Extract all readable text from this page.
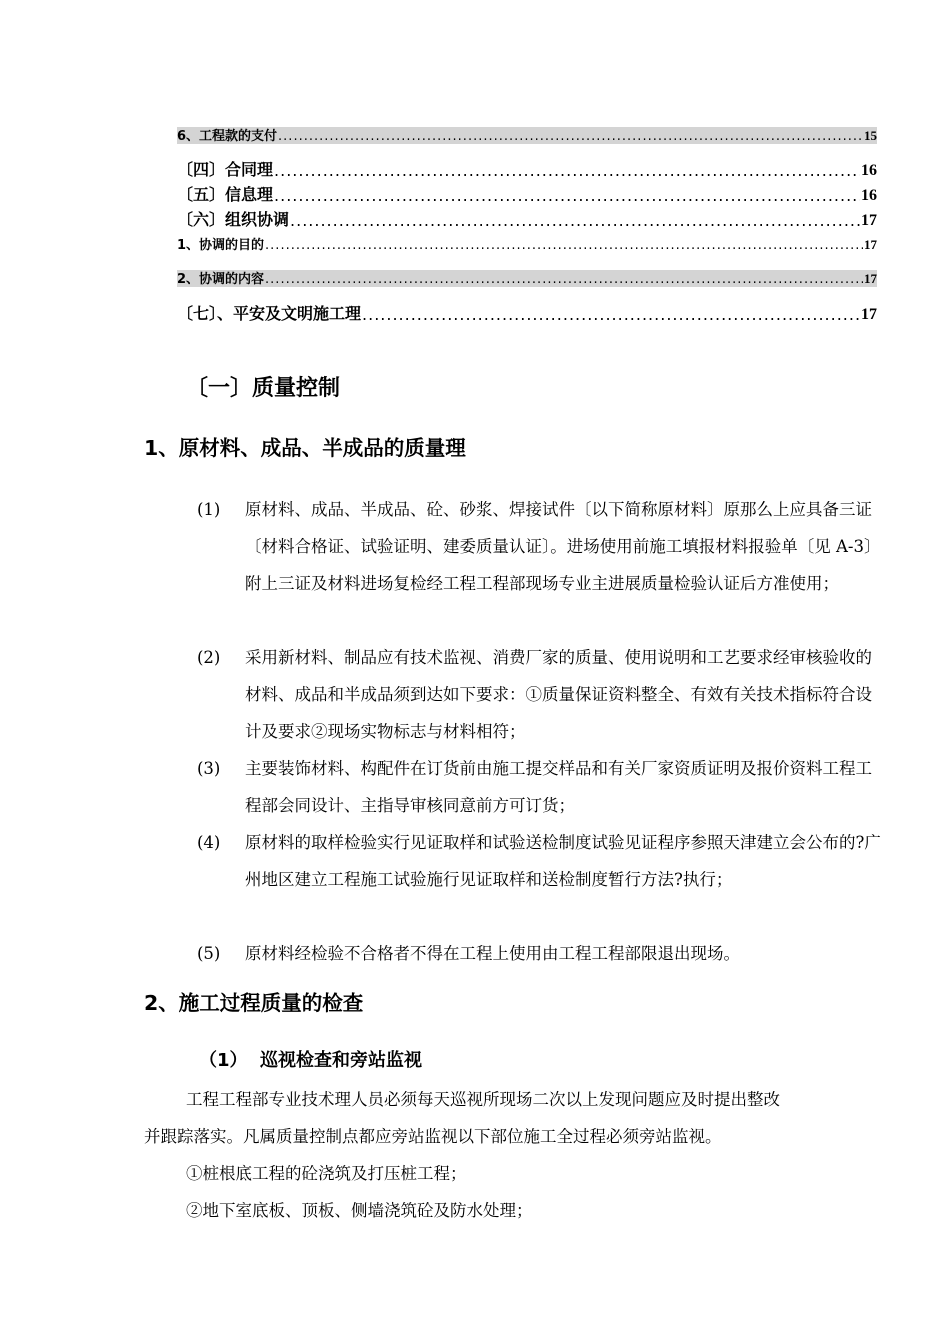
6、工程款的支付 .....	15
〔四〕合同理 .....	16
〔五〕信息理 .....	16
〔六〕组织协调 .....	17
1、协调的目的 .....	17
2、协调的内容 .....	17
〔七〕、平安及文明施工理 .....	17
〔一〕质量控制
1、原材料、成品、半成品的质量理
(1) 原材料、成品、半成品、砼、砂浆、焊接试件〔以下简称原材料〕原那么上应具备三证〔材料合格证、试验证明、建委质量认证〕。进场使用前施工填报材料报验单〔见 A-3〕附上三证及材料进场复检经工程工程部现场专业主进展质量检验认证后方准使用；
(2) 采用新材料、制品应有技术监视、消费厂家的质量、使用说明和工艺要求经审核验收的材料、成品和半成品须到达如下要求：①质量保证资料整全、有效有关技术指标符合设计及要求②现场实物标志与材料相符；
(3) 主要装饰材料、构配件在订货前由施工提交样品和有关厂家资质证明及报价资料工程工程部会同设计、主指导审核同意前方可订货；
(4) 原材料的取样检验实行见证取样和试验送检制度试验见证程序参照天津建立会公布的?广州地区建立工程施工试验施行见证取样和送检制度暂行方法?执行；
(5) 原材料经检验不合格者不得在工程上使用由工程工程部限退出现场。
2、施工过程质量的检查
（1）  巡视检查和旁站监视
工程工程部专业技术理人员必须每天巡视所现场二次以上发现问题应及时提出整改
并跟踪落实。凡属质量控制点都应旁站监视以下部位施工全过程必须旁站监视。
①桩根底工程的砼浇筑及打压桩工程；
②地下室底板、顶板、侧墙浇筑砼及防水处理；
